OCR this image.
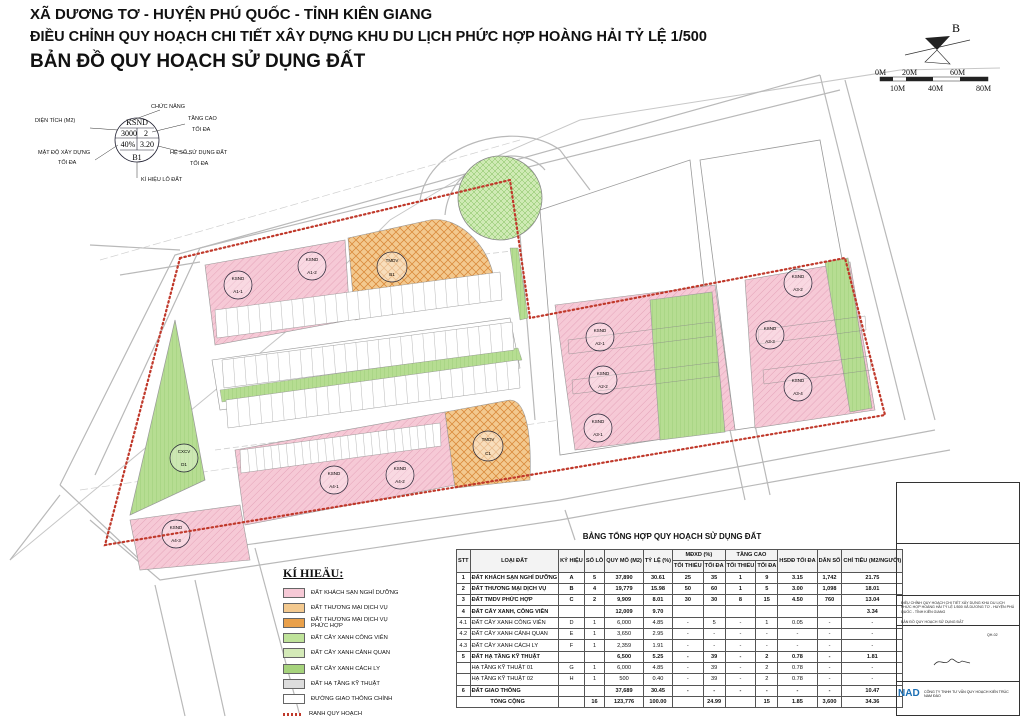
XÃ DƯƠNG TƠ - HUYỆN PHÚ QUỐC - TỈNH KIÊN GIANG
ĐIỀU CHỈNH QUY HOẠCH CHI TIẾT XÂY DỰNG KHU DU LỊCH PHỨC HỢP HOÀNG HẢI TỶ LỆ 1/500
BẢN ĐỒ QUY HOẠCH SỬ DỤNG ĐẤT
KSND
A1-1
KSND
A1-2
TMDV
B1
KSND
A2-1
KSND
A2-2
KSND
A3-1
KSND
A3-2
KSND
A3-3
KSND
A3-4
TMDV
C1
KSND
A4-1
KSND
A4-2
KSND
A4-3
CXCV
D1
KSND
3000 2
40% 3.20
B1
B
0M 20M	60M
10M	40M	80M
CHỨC NĂNG
DIỆN TÍCH (M2)	TẦNG CAO
TỐI ĐA
MẬT ĐỘ XÂY DỰNG
TỐI ĐA
HỆ SỐ SỬ DỤNG ĐẤT
TỐI ĐA
KÍ HIỆU LÔ ĐẤT
KÍ HIEÄU:
ĐẤT KHÁCH SẠN NGHỈ DƯỠNG
ĐẤT THƯƠNG MẠI DỊCH VỤ
ĐẤT THƯƠNG MẠI DỊCH VỤ PHỨC HỢP
ĐẤT CÂY XANH CÔNG VIÊN
ĐẤT CÂY XANH CẢNH QUAN
ĐẤT CÂY XANH CÁCH LY
ĐẤT HẠ TẦNG KỸ THUẬT
ĐƯỜNG GIAO THÔNG CHÍNH
RANH QUY HOẠCH
BẢNG TỔNG HỢP QUY HOẠCH SỬ DỤNG ĐẤT
STT	LOẠI ĐẤT	KÝ HIỆU	SỐ LÔ	QUY MÔ (M2)	TỶ LỆ (%)	MĐXD (%)		TẦNG CAO		HSDĐ TỐI ĐA	DÂN SỐ	CHỈ TIÊU (M2/NGƯỜI)
						TỐI THIỂU	TỐI ĐA	TỐI THIỂU	TỐI ĐA			
1	ĐẤT KHÁCH SẠN NGHỈ DƯỠNG	A	5	37,890	30.61	25	35	1	9	3.15	1,742	21.75
2	ĐẤT THƯƠNG MẠI DỊCH VỤ	B	4	19,779	15.98	50	60	1	5	3.00	1,098	18.01
3	ĐẤT TMDV PHỨC HỢP	C	2	9,909	8.01	30	30	8	15	4.50	760	13.04
4	ĐẤT CÂY XANH, CÔNG VIÊN			12,009	9.70							3.34
4.1	ĐẤT CÂY XANH CÔNG VIÊN	D	1	6,000	4.85	-	5	-	1	0.05	-	-
4.2	ĐẤT CÂY XANH CẢNH QUAN	E	1	3,650	2.95	-	-	-	-	-	-	-
4.3	ĐẤT CÂY XANH CÁCH LY	F	1	2,359	1.91	-	-	-	-	-	-	-
5	ĐẤT HẠ TẦNG KỸ THUẬT			6,500	5.25	-	39	-	2	0.78	-	1.81
	HẠ TẦNG KỸ THUẬT 01	G	1	6,000	4.85	-	39	-	2	0.78	-	-
	HẠ TẦNG KỸ THUẬT 02	H	1	500	0.40	-	39	-	2	0.78	-	-
6	ĐẤT GIAO THÔNG			37,689	30.45	-	-	-	-	-	-	10.47
TỔNG CỘNG			16	123,776	100.00		24.99		15	1.85	3,600	34.36
ĐIỀU CHỈNH QUY HOẠCH CHI TIẾT XÂY DỰNG KHU DU LỊCH PHỨC HỢP HOÀNG HẢI TỶ LỆ 1/500 XÃ DƯƠNG TƠ - HUYỆN PHÚ QUỐC - TỈNH KIÊN GIANG
BẢN ĐỒ QUY HOẠCH SỬ DỤNG ĐẤT
QH-02
NAD CÔNG TY TNHH TƯ VẤN QUY HOẠCH KIẾN TRÚC NAM ĐÀO
